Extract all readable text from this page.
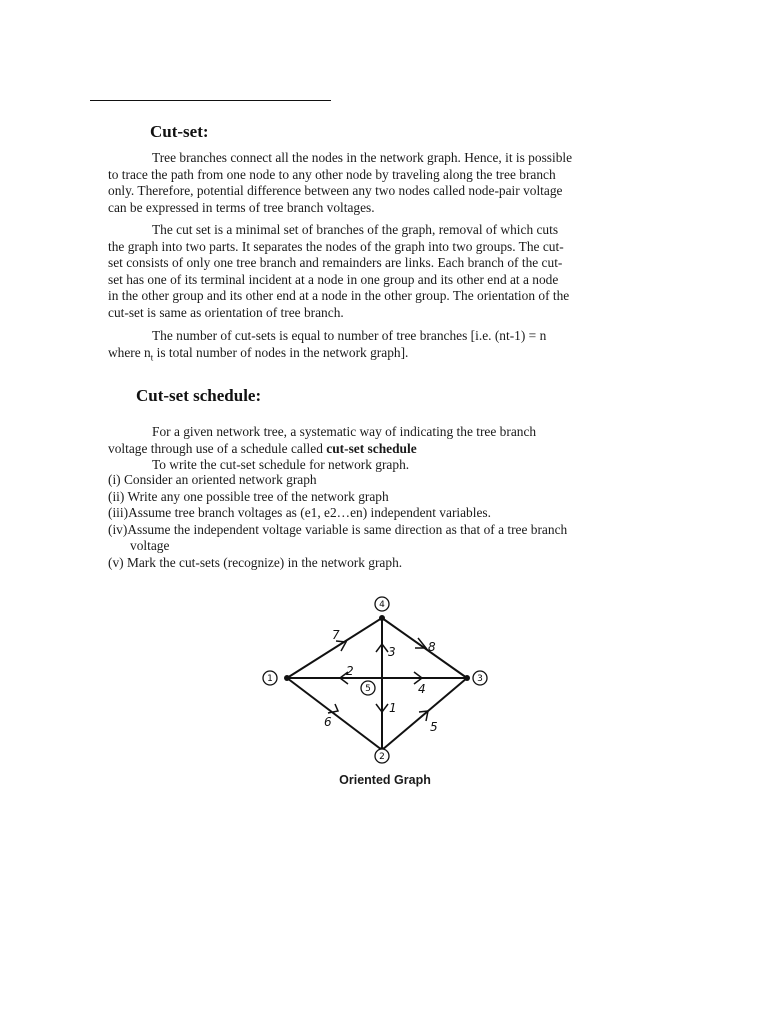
Cut-set:

Tree branches connect all the nodes in the network graph. Hence, it is possible
to trace the path from one node to any other node by traveling along the tree branch
only. Therefore, potential difference between any two nodes called node-pair voltage
can be expressed in terms of tree branch voltages.

The cut set is a minimal set of branches of the graph, removal of which cuts
the graph into two parts. It separates the nodes of the graph into two groups. The cut-
set consists of only one tree branch and remainders are links. Each branch of the cut-
set has one of its terminal incident at a node in one group and its other end at a node
in the other group and its other end at a node in the other group. The orientation of the
cut-set is same as orientation of tree branch.

The number of cut-sets is equal to number of tree branches [i.e. (nt-1) = n
where $n_t$ is total number of nodes in the network graph].

Cut-set schedule:

For a given network tree, a systematic way of indicating the tree branch
voltage through use of a schedule called cut-set schedule
To write the cut-set schedule for network graph.

(i) Consider an oriented network graph
(ii) Write any one possible tree of the network graph
(iii)Assume tree branch voltages as (e1, e2…en) independent variables.
(iv)Assume the independent voltage variable is same direction as that of a tree branch
voltage
(v) Mark the cut-sets (recognize) in the network graph.
1
2
3
4
5
1
2
3
4
5
6
7
8
Oriented Graph
